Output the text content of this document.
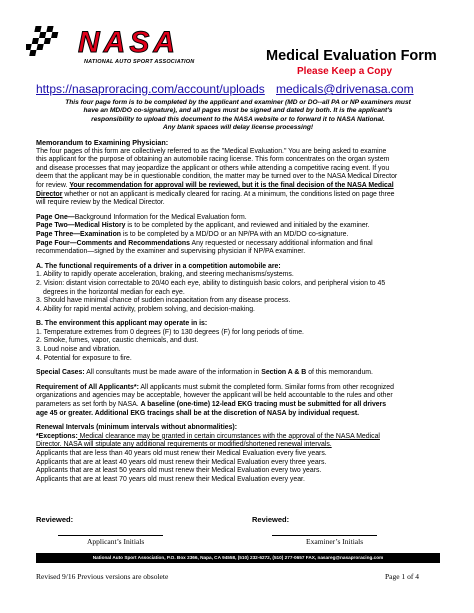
NASA
NATIONAL AUTO SPORT ASSOCIATION	Medical Evaluation Form
Please Keep a Copy
https://nasaproracing.com/account/uploads medicals@drivenasa.com

This four page form is to be completed by the applicant and examiner (MD or DO--all PA or NP examiners must

have an MD/DO co-signature), and all pages must be signed and dated by both. It is the applicant's

responsibility to upload this document to the NASA website or to forward it to NASA National.

Any blank spaces will delay license processing!

Memorandum to Examining Physician:

The four pages of this form are collectively referred to as the "Medical Evaluation." You are being asked to examine

this applicant for the purpose of obtaining an automobile racing license. This form concentrates on the organ system

and disease processes that may jeopardize the applicant or others while attending a competitive racing event. If you

deem that the applicant may be in questionable condition, the matter may be turned over to the NASA Medical Director

for review. Your recommendation for approval will be reviewed, but it is the final decision of the NASA Medical

Director whether or not an applicant is medically cleared for racing. At a minimum, the conditions listed on page three

will require review by the Medical Director.

Page One—Background Information for the Medical Evaluation form.

Page Two—Medical History is to be completed by the applicant, and reviewed and initialed by the examiner.

Page Three—Examination is to be completed by a MD/DO or an NP/PA with an MD/DO co-signature.

Page Four—Comments and Recommendations Any requested or necessary additional information and final

recommendation—signed by the examiner and supervising physician if NP/PA examiner.

A. The functional requirements of a driver in a competition automobile are:

1. Ability to rapidly operate acceleration, braking, and steering mechanisms/systems.

2. Vision: distant vision correctable to 20/40 each eye, ability to distinguish basic colors, and peripheral vision to 45

degrees in the horizontal median for each eye.

3. Should have minimal chance of sudden incapacitation from any disease process.

4. Ability for rapid mental activity, problem solving, and decision-making.

B. The environment this applicant may operate in is:

1. Temperature extremes from 0 degrees (F) to 130 degrees (F) for long periods of time.

2. Smoke, fumes, vapor, caustic chemicals, and dust.

3. Loud noise and vibration.

4. Potential for exposure to fire.

Special Cases: All consultants must be made aware of the information in Section A & B of this memorandum.

Requirement of All Applicants*: All applicants must submit the completed form. Similar forms from other recognized

organizations and agencies may be acceptable, however the applicant will be held accountable to the rules and other

parameters as set forth by NASA. A baseline (one-time) 12-lead EKG tracing must be submitted for all drivers

age 45 or greater. Additional EKG tracings shall be at the discretion of NASA by individual request.

Renewal Intervals (minimum intervals without abnormalities):

*Exceptions: Medical clearance may be granted in certain circumstances with the approval of the NASA Medical

Director. NASA will stipulate any additional requirements or modified/shortened renewal intervals.

Applicants that are less than 40 years old must renew their Medical Evaluation every five years.

Applicants that are at least 40 years old must renew their Medical Evaluation every three years.

Applicants that are at least 50 years old must renew their Medical Evaluation every two years.

Applicants that are at least 70 years old must renew their Medical Evaluation every year.

Reviewed:	Reviewed:
Applicant’s Initials	Examiner’s Initials
National Auto Sport Association, P.O. Box 2366, Napa, CA 94558, (510) 232-6272, (510) 277-0657 FAX, nasareg@nasaproracing.com
Revised 9/16 Previous versions are obsolete	Page 1 of 4
